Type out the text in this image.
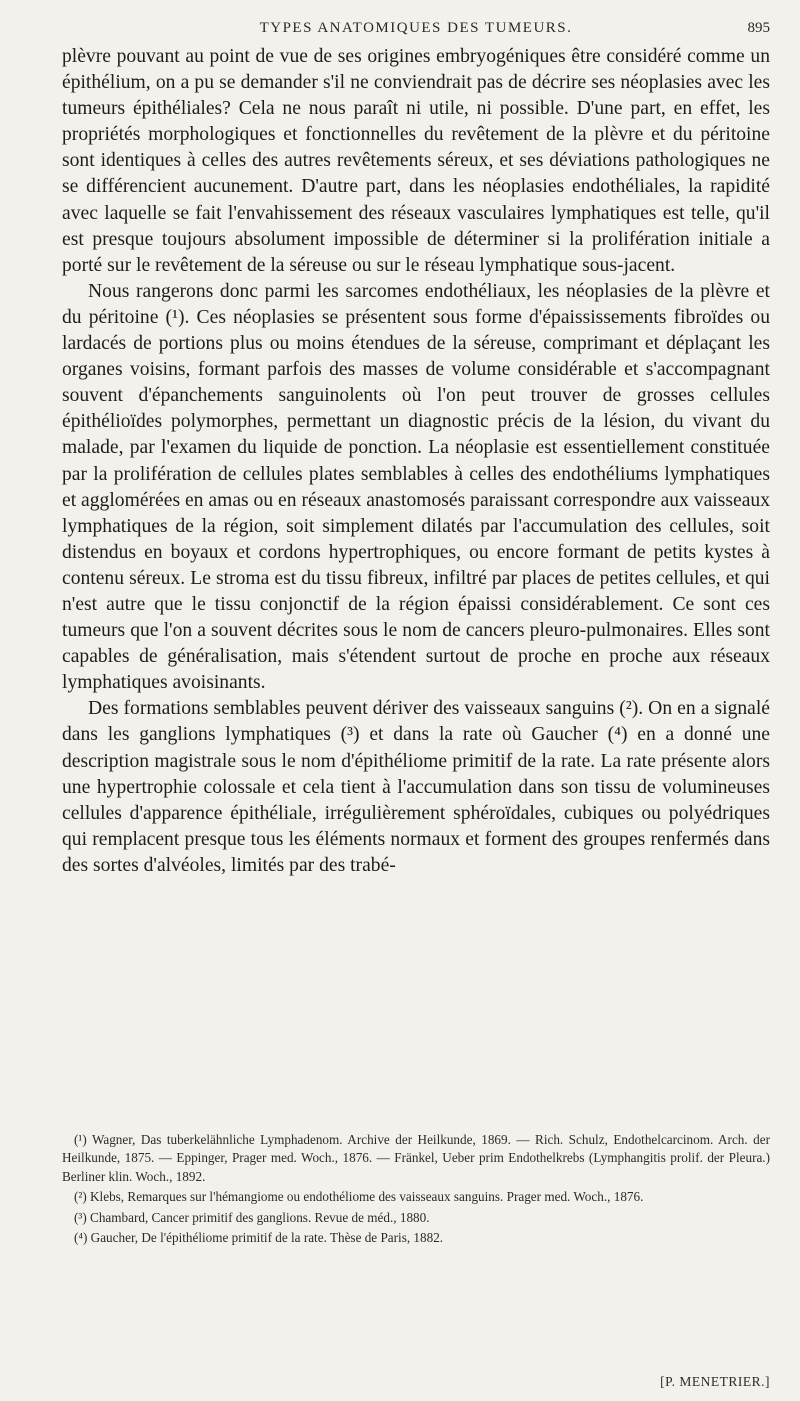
TYPES ANATOMIQUES DES TUMEURS.	895

plèvre pouvant au point de vue de ses origines embryogéniques être considéré comme un épithélium, on a pu se demander s'il ne conviendrait pas de décrire ses néoplasies avec les tumeurs épithéliales? Cela ne nous paraît ni utile, ni possible. D'une part, en effet, les propriétés morphologiques et fonctionnelles du revêtement de la plèvre et du péritoine sont identiques à celles des autres revêtements séreux, et ses déviations pathologiques ne se différencient aucunement. D'autre part, dans les néoplasies endothéliales, la rapidité avec laquelle se fait l'envahissement des réseaux vasculaires lymphatiques est telle, qu'il est presque toujours absolument impossible de déterminer si la prolifération initiale a porté sur le revêtement de la séreuse ou sur le réseau lymphatique sous-jacent.

Nous rangerons donc parmi les sarcomes endothéliaux, les néoplasies de la plèvre et du péritoine (¹). Ces néoplasies se présentent sous forme d'épaississements fibroïdes ou lardacés de portions plus ou moins étendues de la séreuse, comprimant et déplaçant les organes voisins, formant parfois des masses de volume considérable et s'accompagnant souvent d'épanchements sanguinolents où l'on peut trouver de grosses cellules épithélioïdes polymorphes, permettant un diagnostic précis de la lésion, du vivant du malade, par l'examen du liquide de ponction. La néoplasie est essentiellement constituée par la prolifération de cellules plates semblables à celles des endothéliums lymphatiques et agglomérées en amas ou en réseaux anastomosés paraissant correspondre aux vaisseaux lymphatiques de la région, soit simplement dilatés par l'accumulation des cellules, soit distendus en boyaux et cordons hypertrophiques, ou encore formant de petits kystes à contenu séreux. Le stroma est du tissu fibreux, infiltré par places de petites cellules, et qui n'est autre que le tissu conjonctif de la région épaissi considérablement. Ce sont ces tumeurs que l'on a souvent décrites sous le nom de cancers pleuro-pulmonaires. Elles sont capables de généralisation, mais s'étendent surtout de proche en proche aux réseaux lymphatiques avoisinants.

Des formations semblables peuvent dériver des vaisseaux sanguins (²). On en a signalé dans les ganglions lymphatiques (³) et dans la rate où Gaucher (⁴) en a donné une description magistrale sous le nom d'épithéliome primitif de la rate. La rate présente alors une hypertrophie colossale et cela tient à l'accumulation dans son tissu de volumineuses cellules d'apparence épithéliale, irrégulièrement sphéroïdales, cubiques ou polyédriques qui remplacent presque tous les éléments normaux et forment des groupes renfermés dans des sortes d'alvéoles, limités par des trabé-

(¹) Wagner, Das tuberkelähnliche Lymphadenom. Archive der Heilkunde, 1869. — Rich. Schulz, Endothelcarcinom. Arch. der Heilkunde, 1875. — Eppinger, Prager med. Woch., 1876. — Fränkel, Ueber prim Endothelkrebs (Lymphangitis prolif. der Pleura.) Berliner klin. Woch., 1892.

(²) Klebs, Remarques sur l'hémangiome ou endothéliome des vaisseaux sanguins. Prager med. Woch., 1876.

(³) Chambard, Cancer primitif des ganglions. Revue de méd., 1880.

(⁴) Gaucher, De l'épithéliome primitif de la rate. Thèse de Paris, 1882.

[P. MENETRIER.]
